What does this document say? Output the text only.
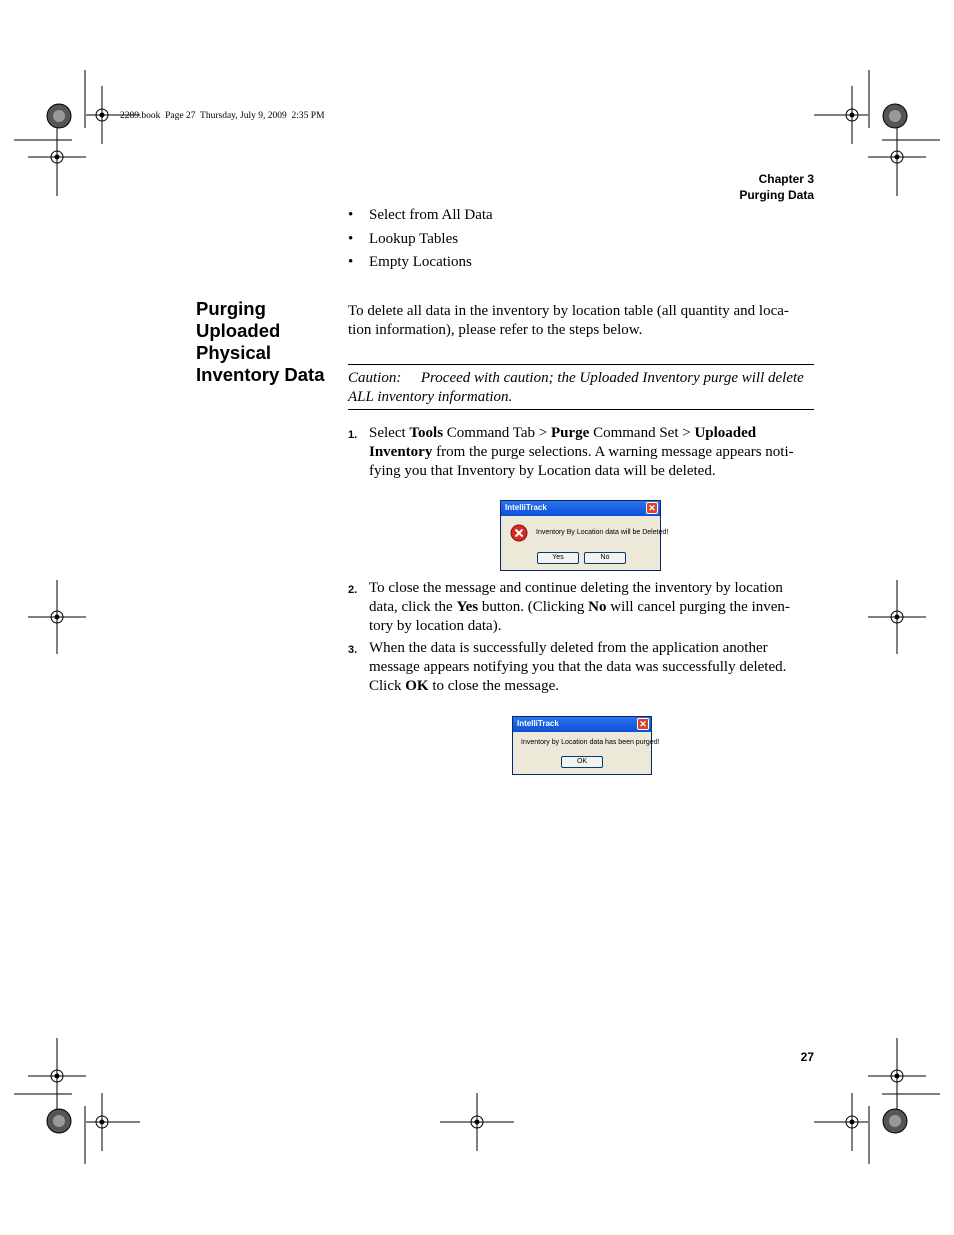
2289.book  Page 27  Thursday, July 9, 2009  2:35 PM
Chapter 3
Purging Data
• Select from All Data
• Lookup Tables
• Empty Locations
Purging
Uploaded
Physical
Inventory Data
To delete all data in the inventory by location table (all quantity and loca-
tion information), please refer to the steps below.
Caution: Proceed with caution; the Uploaded Inventory purge will delete
ALL inventory information.
1. Select Tools Command Tab > Purge Command Set > Uploaded
Inventory from the purge selections. A warning message appears noti-
fying you that Inventory by Location data will be deleted.
IntelliTrack	✕
Inventory By Location data will be Deleted!
Yes	No
2. To close the message and continue deleting the inventory by location
data, click the Yes button. (Clicking No will cancel purging the inven-
tory by location data).
3. When the data is successfully deleted from the application another
message appears notifying you that the data was successfully deleted.
Click OK to close the message.
IntelliTrack	✕
Inventory by Location data has been purged!
OK
27
